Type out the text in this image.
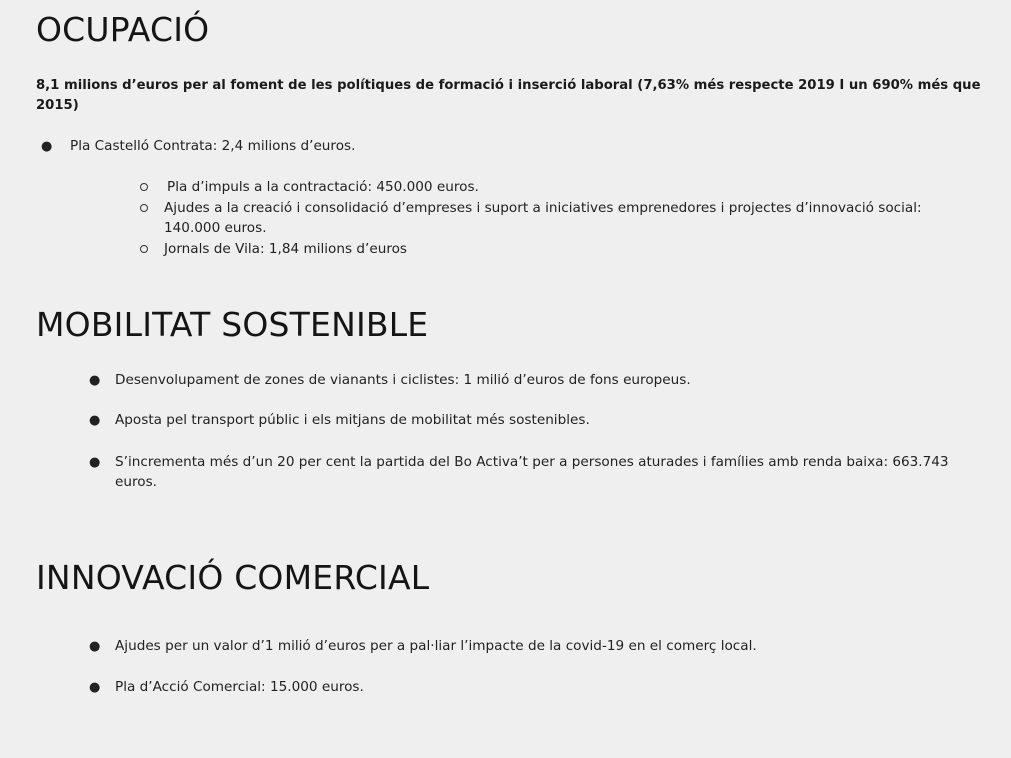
OCUPACIÓ
8,1 milions d’euros per al foment de les polítiques de formació i inserció laboral (7,63% més respecte 2019 I un 690% més que 2015)
● Pla Castelló Contrata: 2,4 milions d’euros.
Pla d’impuls a la contractació: 450.000 euros.
Ajudes a la creació i consolidació d’empreses i suport a iniciatives emprenedores i projectes d’innovació social: 140.000 euros.
Jornals de Vila: 1,84 milions d’euros
MOBILITAT SOSTENIBLE
● Desenvolupament de zones de vianants i ciclistes: 1 milió d’euros de fons europeus.
● Aposta pel transport públic i els mitjans de mobilitat més sostenibles.
● S’incrementa més d’un 20 per cent la partida del Bo Activa’t per a persones aturades i famílies amb renda baixa: 663.743 euros.
INNOVACIÓ COMERCIAL
● Ajudes per un valor d’1 milió d’euros per a pal·liar l’impacte de la covid-19 en el comerç local.
● Pla d’Acció Comercial: 15.000 euros.
